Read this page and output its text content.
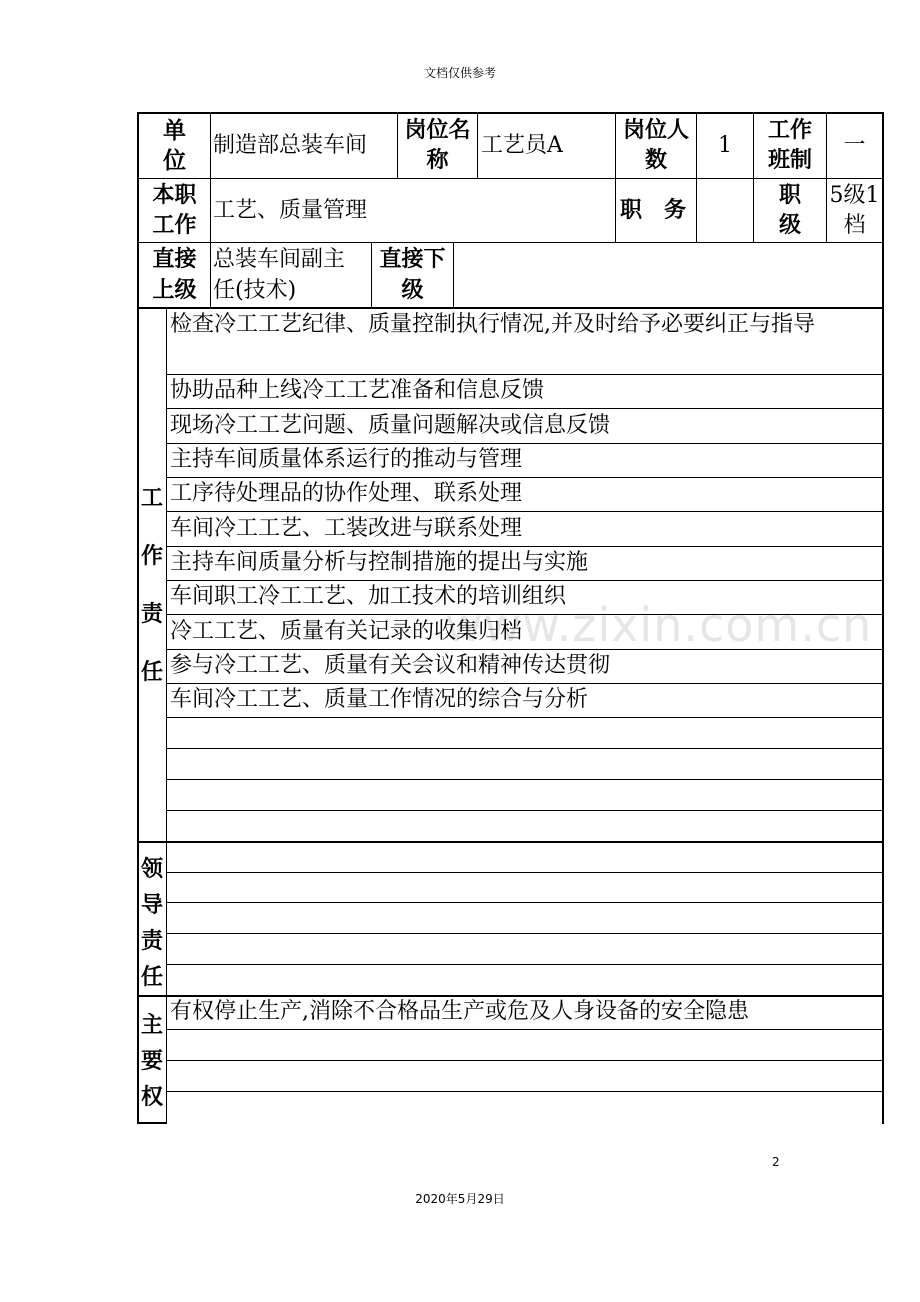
文档仅供参考
www.zixin.com.cn
单位
制造部总装车间
岗位名称
工艺员A
岗位人数
1
工作班制
一
本职工作
工艺、质量管理	职　务
职级
5级1档
直接上级
总装车间副主任(技术)
直接下级
工作责任
检查冷工工艺纪律、质量控制执行情况,并及时给予必要纠正与指导
协助品种上线冷工工艺准备和信息反馈
现场冷工工艺问题、质量问题解决或信息反馈
主持车间质量体系运行的推动与管理
工序待处理品的协作处理、联系处理
车间冷工工艺、工装改进与联系处理
主持车间质量分析与控制措施的提出与实施
车间职工冷工工艺、加工技术的培训组织
冷工工艺、质量有关记录的收集归档
参与冷工工艺、质量有关会议和精神传达贯彻
车间冷工工艺、质量工作情况的综合与分析
领导责任
主要权
有权停止生产,消除不合格品生产或危及人身设备的安全隐患
2
2020年5月29日
